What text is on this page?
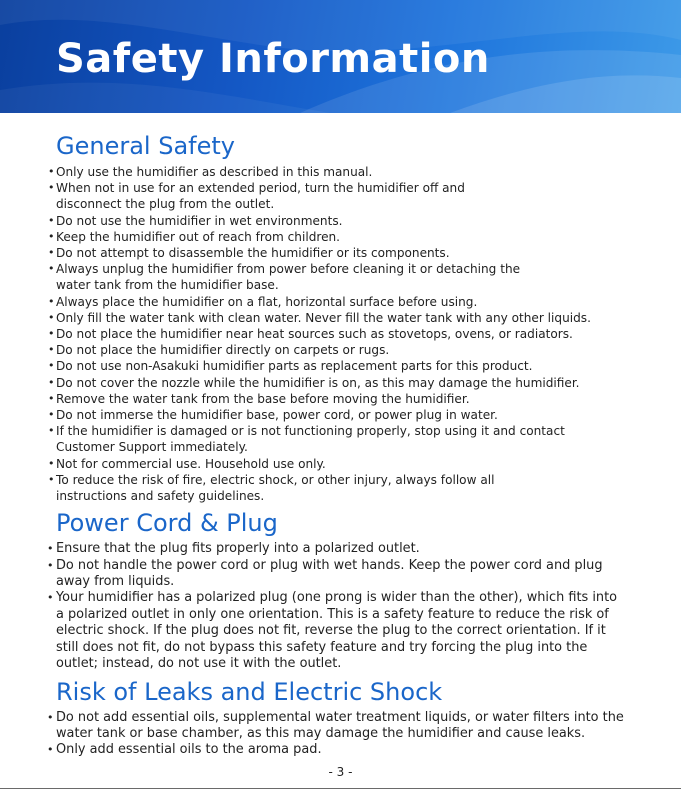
Safety Information
General Safety
• Only use the humidifier as described in this manual.
• When not in use for an extended period, turn the humidifier off and
disconnect the plug from the outlet.
• Do not use the humidifier in wet environments.
• Keep the humidifier out of reach from children.
• Do not attempt to disassemble the humidifier or its components.
• Always unplug the humidifier from power before cleaning it or detaching the
water tank from the humidifier base.
• Always place the humidifier on a flat, horizontal surface before using.
• Only fill the water tank with clean water. Never fill the water tank with any other liquids.
• Do not place the humidifier near heat sources such as stovetops, ovens, or radiators.
• Do not place the humidifier directly on carpets or rugs.
• Do not use non-Asakuki humidifier parts as replacement parts for this product.
• Do not cover the nozzle while the humidifier is on, as this may damage the humidifier.
• Remove the water tank from the base before moving the humidifier.
• Do not immerse the humidifier base, power cord, or power plug in water.
• If the humidifier is damaged or is not functioning properly, stop using it and contact
Customer Support immediately.
• Not for commercial use. Household use only.
• To reduce the risk of fire, electric shock, or other injury, always follow all
instructions and safety guidelines.
Power Cord & Plug
• Ensure that the plug fits properly into a polarized outlet.
• Do not handle the power cord or plug with wet hands. Keep the power cord and plug
away from liquids.
• Your humidifier has a polarized plug (one prong is wider than the other), which fits into
a polarized outlet in only one orientation. This is a safety feature to reduce the risk of
electric shock. If the plug does not fit, reverse the plug to the correct orientation. If it
still does not fit, do not bypass this safety feature and try forcing the plug into the
outlet; instead, do not use it with the outlet.
Risk of Leaks and Electric Shock
• Do not add essential oils, supplemental water treatment liquids, or water filters into the
water tank or base chamber, as this may damage the humidifier and cause leaks.
• Only add essential oils to the aroma pad.
- 3 -
